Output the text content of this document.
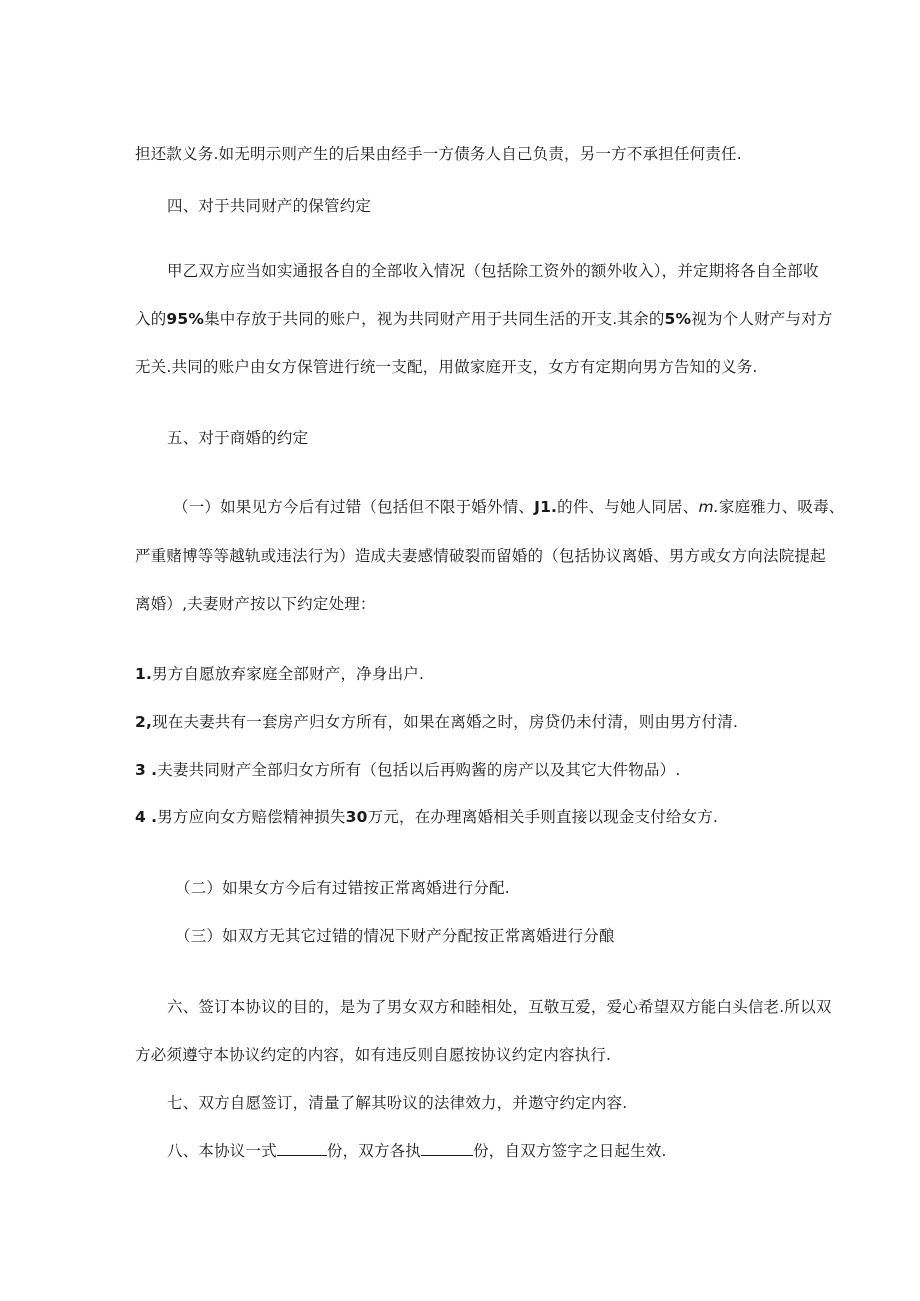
担还款义务.如无明示则产生的后果由经手一方债务人自己负责，另一方不承担任何责任.

四、对于共同财产的保管约定

甲乙双方应当如实通报各自的全部收入情况（包括除工资外的额外收入），并定期将各自全部收

入的95%集中存放于共同的账户，视为共同财产用于共同生活的开支.其余的5%视为个人财产与对方

无关.共同的账户由女方保管进行统一支配，用做家庭开支，女方有定期向男方告知的义务.

五、对于商婚的约定

（一）如果见方今后有过错（包括但不限于婚外情、J1.的件、与她人同居、m.家庭雅力、吸毒、

严重赌博等等越轨或违法行为）造成夫妻感情破裂而留婚的（包括协议离婚、男方或女方向法院提起

离婚）,夫妻财产按以下约定处理：

1.男方自愿放弃家庭全部财产，净身出户.

2,现在夫妻共有一套房产归女方所有，如果在离婚之时，房贷仍未付清，则由男方付清.

3 .夫妻共同财产全部归女方所有（包括以后再购酱的房产以及其它大件物品）.

4 .男方应向女方赔偿精神损失30万元，在办理离婚相关手则直接以现金支付给女方.

（二）如果女方今后有过错按正常离婚进行分配.

（三）如双方无其它过错的情况下财产分配按正常离婚进行分酿

六、签订本协议的目的，是为了男女双方和睦相处，互敬互爱，爱心希望双方能白头信老.所以双

方必须遵守本协议约定的内容，如有违反则自愿按协议约定内容执行.

七、双方自愿签订，清量了解其吩议的法律效力，并遨守约定内容.

八、本协议一式	份，双方各执	份，自双方签字之日起生效.
